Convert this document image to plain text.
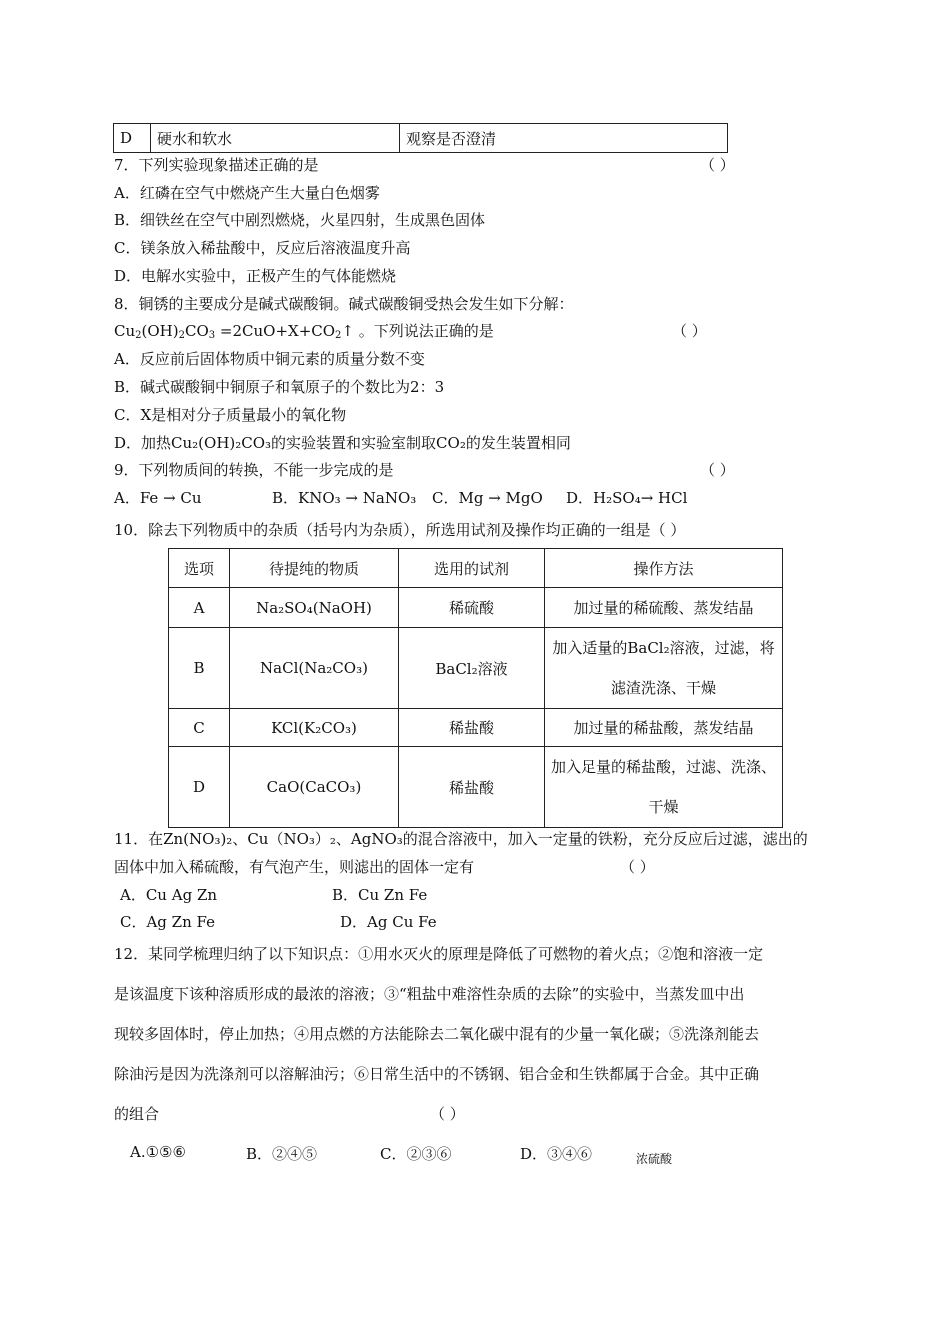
D	硬水和软水	观察是否澄清
7．下列实验现象描述正确的是	（ ）
A．红磷在空气中燃烧产生大量白色烟雾
B．细铁丝在空气中剧烈燃烧，火星四射，生成黑色固体
C．镁条放入稀盐酸中，反应后溶液温度升高
D．电解水实验中，正极产生的气体能燃烧
8．铜锈的主要成分是碱式碳酸铜。碱式碳酸铜受热会发生如下分解：
$Cu_2(OH)_2CO_3$ $=2CuO+X+CO_2↑$ 。下列说法正确的是	（ ）
A．反应前后固体物质中铜元素的质量分数不变
B．碱式碳酸铜中铜原子和氧原子的个数比为2：3
C．X是相对分子质量最小的氧化物
D．加热Cu₂(OH)₂CO₃的实验装置和实验室制取CO₂的发生装置相同
9．下列物质间的转换，不能一步完成的是	（ ）
A．Fe → Cu	B．KNO₃ → NaNO₃ C．Mg → MgO D．H₂SO₄→ HCl
10．除去下列物质中的杂质（括号内为杂质），所选用试剂及操作均正确的一组是（ ）
选项	待提纯的物质	选用的试剂	操作方法
A	Na₂SO₄(NaOH)	稀硫酸	加过量的稀硫酸、蒸发结晶
B	NaCl(Na₂CO₃)	BaCl₂溶液	加入适量的BaCl₂溶液，过滤，将滤渣洗涤、干燥
C	KCl(K₂CO₃)	稀盐酸	加过量的稀盐酸，蒸发结晶
D	CaO(CaCO₃)	稀盐酸	加入足量的稀盐酸，过滤、洗涤、干燥
11．在Zn(NO₃)₂、Cu（NO₃）₂、AgNO₃的混合溶液中，加入一定量的铁粉，充分反应后过滤，滤出的
固体中加入稀硫酸，有气泡产生，则滤出的固体一定有	（ ）
A．Cu Ag Zn	B．Cu Zn Fe
C．Ag Zn Fe	D．Ag Cu Fe
12．某同学梳理归纳了以下知识点：①用水灭火的原理是降低了可燃物的着火点；②饱和溶液一定
是该温度下该种溶质形成的最浓的溶液；③“粗盐中难溶性杂质的去除”的实验中，当蒸发皿中出
现较多固体时，停止加热；④用点燃的方法能除去二氧化碳中混有的少量一氧化碳；⑤洗涤剂能去
除油污是因为洗涤剂可以溶解油污；⑥日常生活中的不锈钢、铝合金和生铁都属于合金。其中正确
的组合	（ ）
A.①⑤⑥	B．②④⑤	C．②③⑥	D．③④⑥	浓硫酸
